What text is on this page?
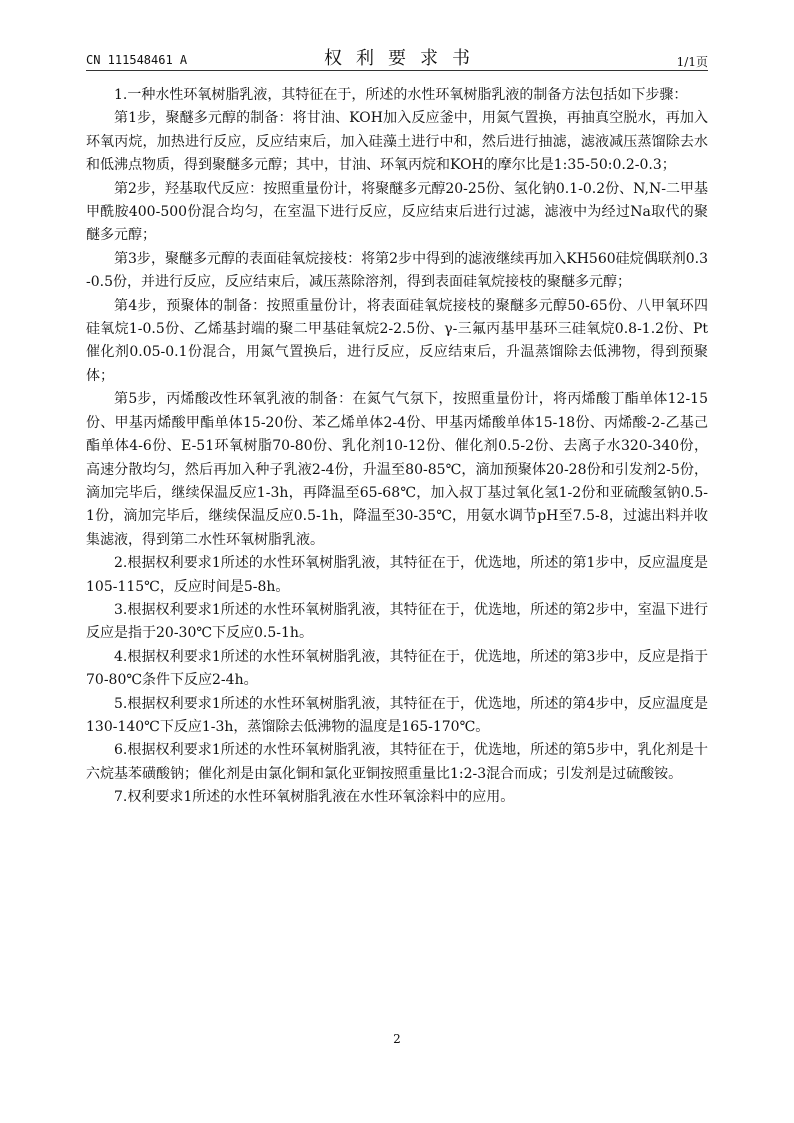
CN 111548461 A	权利要求书	1/1页

1.一种水性环氧树脂乳液，其特征在于，所述的水性环氧树脂乳液的制备方法包括如下步骤：

第1步，聚醚多元醇的制备：将甘油、KOH加入反应釜中，用氮气置换，再抽真空脱水，再加入环氧丙烷，加热进行反应，反应结束后，加入硅藻土进行中和，然后进行抽滤，滤液减压蒸馏除去水和低沸点物质，得到聚醚多元醇；其中，甘油、环氧丙烷和KOH的摩尔比是1:35-50:0.2-0.3；

第2步，羟基取代反应：按照重量份计，将聚醚多元醇20-25份、氢化钠0.1-0.2份、N,N-二甲基甲酰胺400-500份混合均匀，在室温下进行反应，反应结束后进行过滤，滤液中为经过Na取代的聚醚多元醇；

第3步，聚醚多元醇的表面硅氧烷接枝：将第2步中得到的滤液继续再加入KH560硅烷偶联剂0.3-0.5份，并进行反应，反应结束后，减压蒸除溶剂，得到表面硅氧烷接枝的聚醚多元醇；

第4步，预聚体的制备：按照重量份计，将表面硅氧烷接枝的聚醚多元醇50-65份、八甲氧环四硅氧烷1-0.5份、乙烯基封端的聚二甲基硅氧烷2-2.5份、γ-三氟丙基甲基环三硅氧烷0.8-1.2份、Pt催化剂0.05-0.1份混合，用氮气置换后，进行反应，反应结束后，升温蒸馏除去低沸物，得到预聚体；

第5步，丙烯酸改性环氧乳液的制备：在氮气气氛下，按照重量份计，将丙烯酸丁酯单体12-15份、甲基丙烯酸甲酯单体15-20份、苯乙烯单体2-4份、甲基丙烯酸单体15-18份、丙烯酸-2-乙基己酯单体4-6份、E-51环氧树脂70-80份、乳化剂10-12份、催化剂0.5-2份、去离子水320-340份，高速分散均匀，然后再加入种子乳液2-4份，升温至80-85℃，滴加预聚体20-28份和引发剂2-5份，滴加完毕后，继续保温反应1-3h，再降温至65-68℃，加入叔丁基过氧化氢1-2份和亚硫酸氢钠0.5-1份，滴加完毕后，继续保温反应0.5-1h，降温至30-35℃，用氨水调节pH至7.5-8，过滤出料并收集滤液，得到第二水性环氧树脂乳液。

2.根据权利要求1所述的水性环氧树脂乳液，其特征在于，优选地，所述的第1步中，反应温度是105-115℃，反应时间是5-8h。

3.根据权利要求1所述的水性环氧树脂乳液，其特征在于，优选地，所述的第2步中，室温下进行反应是指于20-30℃下反应0.5-1h。

4.根据权利要求1所述的水性环氧树脂乳液，其特征在于，优选地，所述的第3步中，反应是指于70-80℃条件下反应2-4h。

5.根据权利要求1所述的水性环氧树脂乳液，其特征在于，优选地，所述的第4步中，反应温度是130-140℃下反应1-3h，蒸馏除去低沸物的温度是165-170℃。

6.根据权利要求1所述的水性环氧树脂乳液，其特征在于，优选地，所述的第5步中，乳化剂是十六烷基苯磺酸钠；催化剂是由氯化铜和氯化亚铜按照重量比1:2-3混合而成；引发剂是过硫酸铵。

7.权利要求1所述的水性环氧树脂乳液在水性环氧涂料中的应用。

2
